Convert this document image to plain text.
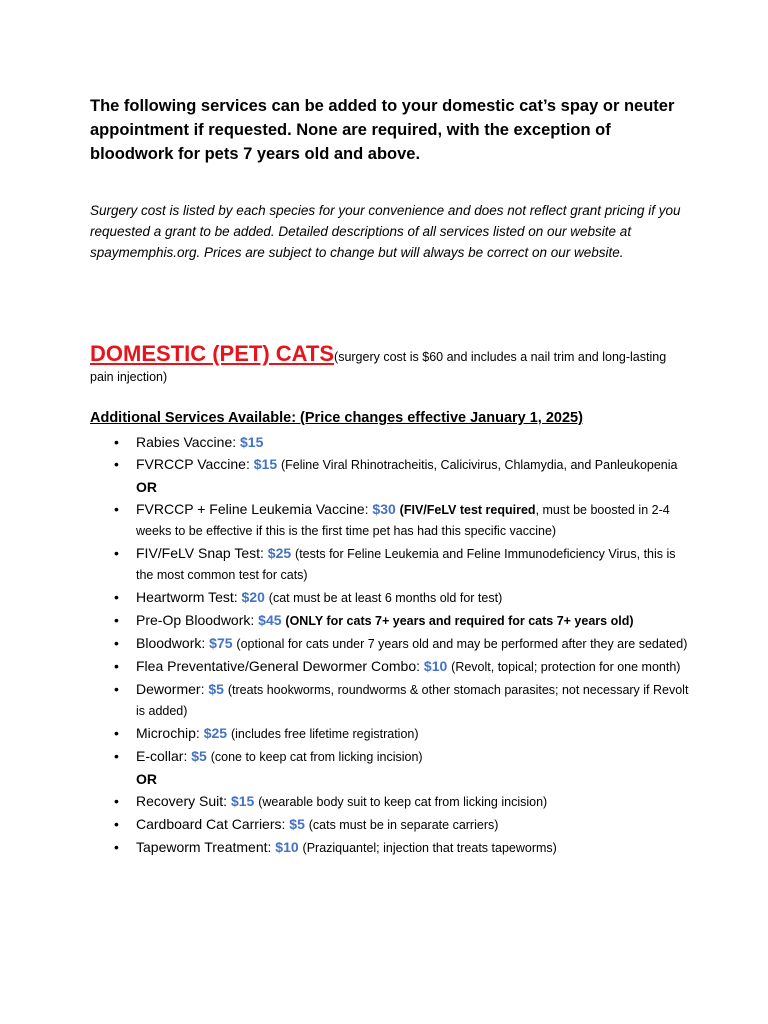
The following services can be added to your domestic cat’s spay or neuter appointment if requested. None are required, with the exception of bloodwork for pets 7 years old and above.

Surgery cost is listed by each species for your convenience and does not reflect grant pricing if you requested a grant to be added. Detailed descriptions of all services listed on our website at spaymemphis.org. Prices are subject to change but will always be correct on our website.

DOMESTIC (PET) CATS(surgery cost is $60 and includes a nail trim and long-lasting pain injection)

Additional Services Available: (Price changes effective January 1, 2025)

• Rabies Vaccine: $15
• FVRCCP Vaccine: $15 (Feline Viral Rhinotracheitis, Calicivirus, Chlamydia, and Panleukopenia
OR
• FVRCCP + Feline Leukemia Vaccine: $30 (FIV/FeLV test required, must be boosted in 2-4 weeks to be effective if this is the first time pet has had this specific vaccine)
• FIV/FeLV Snap Test: $25 (tests for Feline Leukemia and Feline Immunodeficiency Virus, this is the most common test for cats)
• Heartworm Test: $20 (cat must be at least 6 months old for test)
• Pre-Op Bloodwork: $45 (ONLY for cats 7+ years and required for cats 7+ years old)
• Bloodwork: $75 (optional for cats under 7 years old and may be performed after they are sedated)
• Flea Preventative/General Dewormer Combo: $10 (Revolt, topical; protection for one month)
• Dewormer: $5 (treats hookworms, roundworms & other stomach parasites; not necessary if Revolt is added)
• Microchip: $25 (includes free lifetime registration)
• E-collar: $5 (cone to keep cat from licking incision)
OR
• Recovery Suit: $15 (wearable body suit to keep cat from licking incision)
• Cardboard Cat Carriers: $5 (cats must be in separate carriers)
• Tapeworm Treatment: $10 (Praziquantel; injection that treats tapeworms)
